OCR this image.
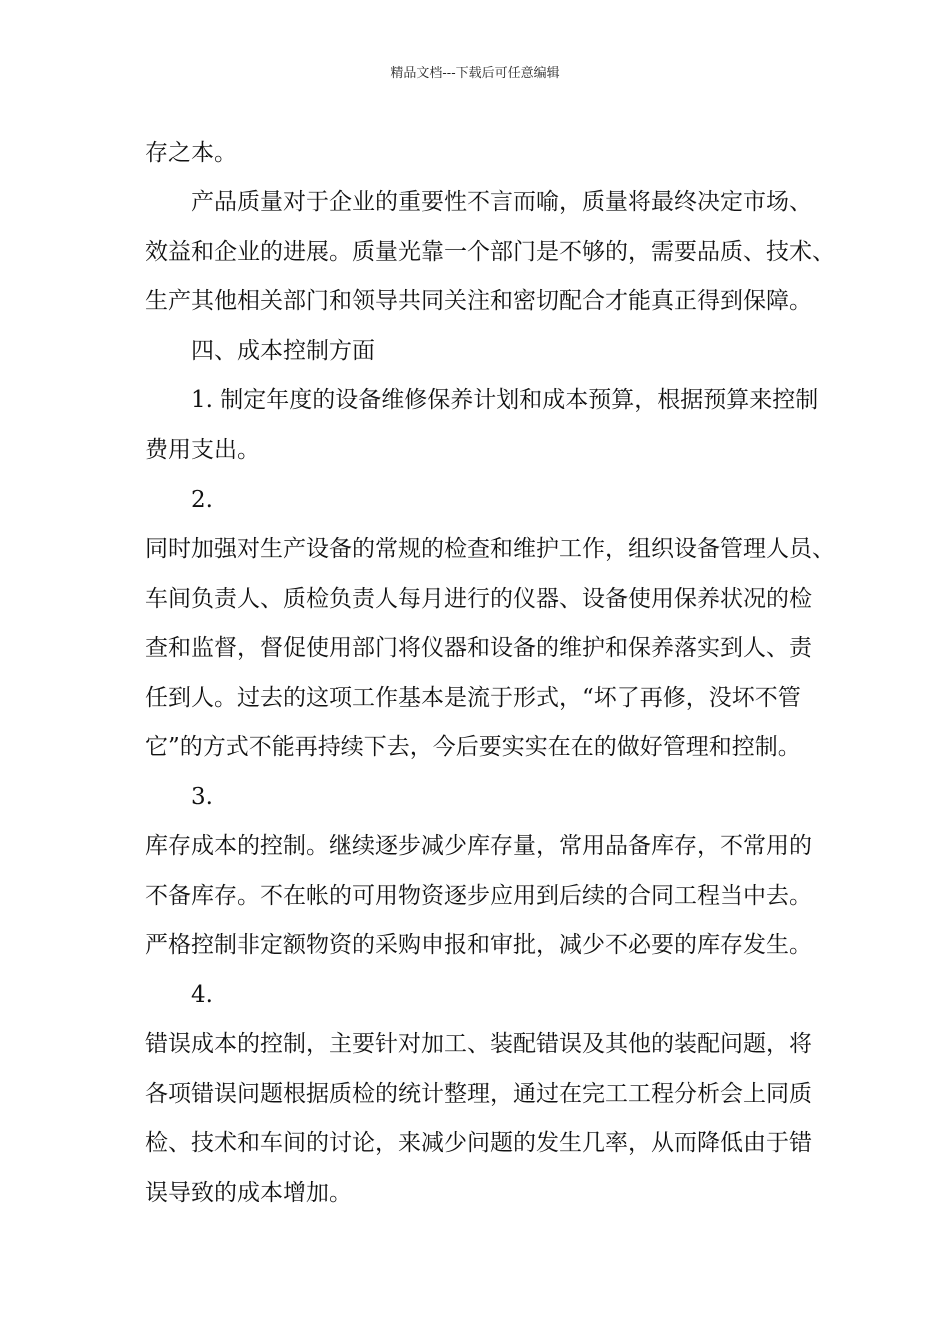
精品文档---下载后可任意编辑
存之本。
产品质量对于企业的重要性不言而喻，质量将最终决定市场、
效益和企业的进展。质量光靠一个部门是不够的，需要品质、技术、
生产其他相关部门和领导共同关注和密切配合才能真正得到保障。
四、成本控制方面
1. 制定年度的设备维修保养计划和成本预算，根据预算来控制
费用支出。
2.
同时加强对生产设备的常规的检查和维护工作，组织设备管理人员、
车间负责人、质检负责人每月进行的仪器、设备使用保养状况的检
查和监督，督促使用部门将仪器和设备的维护和保养落实到人、责
任到人。过去的这项工作基本是流于形式，“坏了再修，没坏不管
它”的方式不能再持续下去，今后要实实在在的做好管理和控制。
3.
库存成本的控制。继续逐步减少库存量，常用品备库存，不常用的
不备库存。不在帐的可用物资逐步应用到后续的合同工程当中去。
严格控制非定额物资的采购申报和审批，减少不必要的库存发生。
4.
错误成本的控制，主要针对加工、装配错误及其他的装配问题，将
各项错误问题根据质检的统计整理，通过在完工工程分析会上同质
检、技术和车间的讨论，来减少问题的发生几率，从而降低由于错
误导致的成本增加。
